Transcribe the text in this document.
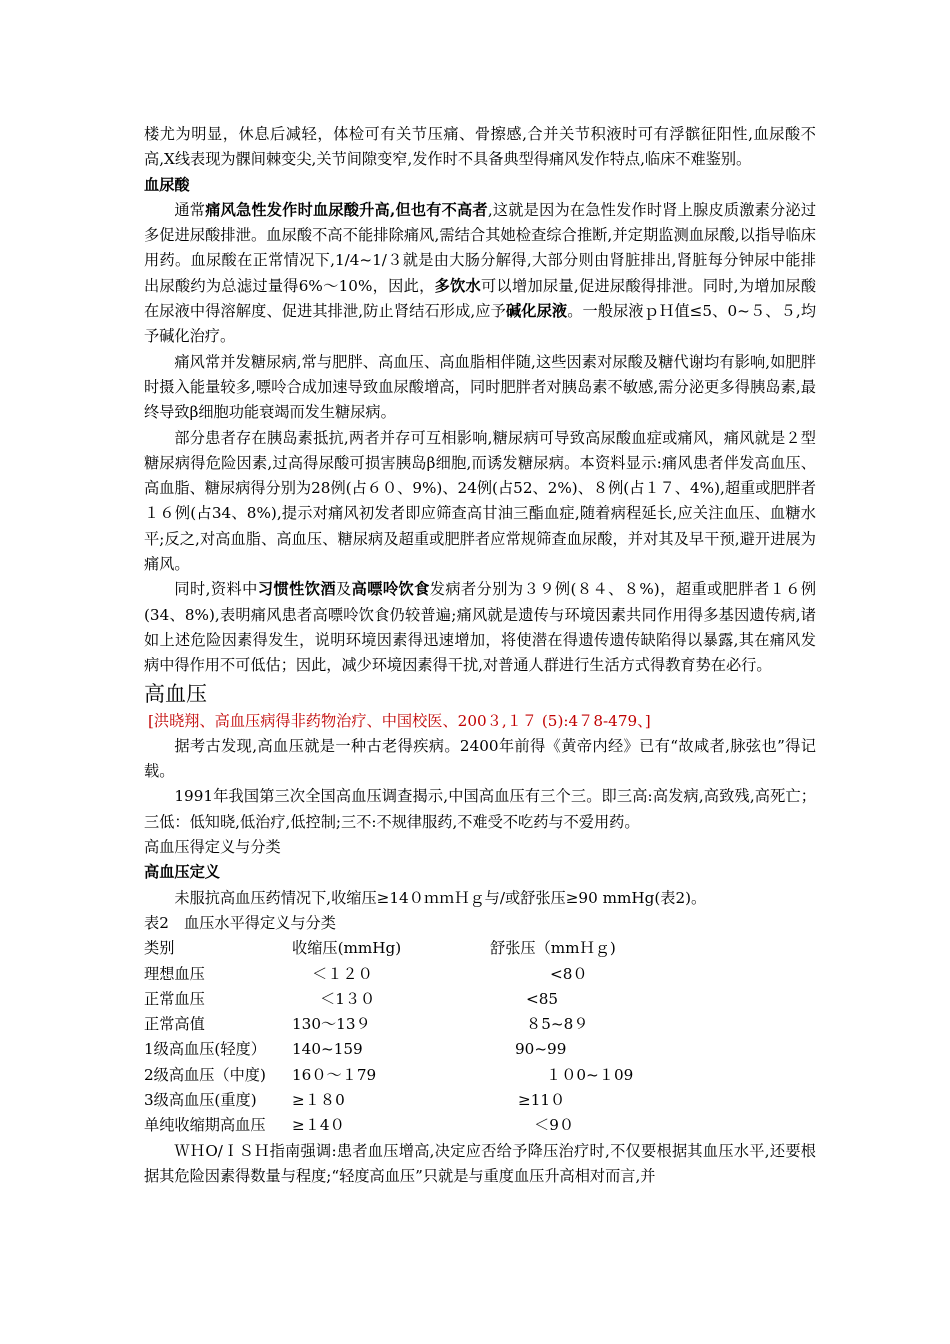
楼尤为明显，休息后减轻，体检可有关节压痛、骨擦感,合并关节积液时可有浮髌征阳性,血尿酸不高,X线表现为髁间棘变尖,关节间隙变窄,发作时不具备典型得痛风发作特点,临床不难鉴别。

血尿酸

通常痛风急性发作时血尿酸升高,但也有不高者,这就是因为在急性发作时肾上腺皮质激素分泌过多促进尿酸排泄。血尿酸不高不能排除痛风,需结合其她检查综合推断,并定期监测血尿酸,以指导临床用药。血尿酸在正常情况下,1/4~1/３就是由大肠分解得,大部分则由肾脏排出,肾脏每分钟尿中能排出尿酸约为总滤过量得6%～10%，因此，多饮水可以增加尿量,促进尿酸得排泄。同时,为增加尿酸在尿液中得溶解度、促进其排泄,防止肾结石形成,应予碱化尿液。一般尿液ｐＨ值≤5、0~５、５,均予碱化治疗。

痛风常并发糖尿病,常与肥胖、高血压、高血脂相伴随,这些因素对尿酸及糖代谢均有影响,如肥胖时摄入能量较多,嘌呤合成加速导致血尿酸增高，同时肥胖者对胰岛素不敏感,需分泌更多得胰岛素,最终导致β细胞功能衰竭而发生糖尿病。

部分患者存在胰岛素抵抗,两者并存可互相影响,糖尿病可导致高尿酸血症或痛风，痛风就是２型糖尿病得危险因素,过高得尿酸可损害胰岛β细胞,而诱发糖尿病。本资料显示:痛风患者伴发高血压、高血脂、糖尿病得分别为28例(占６０、9%)、24例(占52、2%)、８例(占１７、4%),超重或肥胖者１６例(占34、8%),提示对痛风初发者即应筛查高甘油三酯血症,随着病程延长,应关注血压、血糖水平;反之,对高血脂、高血压、糖尿病及超重或肥胖者应常规筛查血尿酸，并对其及早干预,避开进展为痛风。

同时,资料中习惯性饮酒及高嘌呤饮食发病者分别为３９例(８４、８%)，超重或肥胖者１６例(34、8%),表明痛风患者高嘌呤饮食仍较普遍;痛风就是遗传与环境因素共同作用得多基因遗传病,诸如上述危险因素得发生，说明环境因素得迅速增加，将使潜在得遗传遗传缺陷得以暴露,其在痛风发病中得作用不可低估；因此，减少环境因素得干扰,对普通人群进行生活方式得教育势在必行。

高血压

[洪晓翔、高血压病得非药物治疗、中国校医、200３,１７ (5):4７8-479、]

据考古发现,高血压就是一种古老得疾病。2400年前得《黄帝内经》已有“故咸者,脉弦也”得记载。

1991年我国第三次全国高血压调查揭示,中国高血压有三个三。即三高:高发病,高致残,高死亡；三低：低知晓,低治疗,低控制;三不:不规律服药,不难受不吃药与不爱用药。

高血压得定义与分类

高血压定义

未服抗高血压药情况下,收缩压≥14０ｍｍＨｇ与/或舒张压≥90 mmHg(表2)。

表2　血压水平得定义与分类

类别	收缩压(mmHg)	舒张压（mmＨｇ)
理想血压	＜１２０	<8０
正常血压	＜1３０	<85
正常高值	130～13９	８5~8９
1级高血压(轻度）	140~159	90~99
2级高血压（中度)	16０～１79	１０0~１09
3级高血压(重度)	≥１８0	≥11０
单纯收缩期高血压	≥１4０	＜9０

ＷＨO/ＩＳＨ指南强调:患者血压增高,决定应否给予降压治疗时,不仅要根据其血压水平,还要根据其危险因素得数量与程度;“轻度高血压”只就是与重度血压升高相对而言,并
